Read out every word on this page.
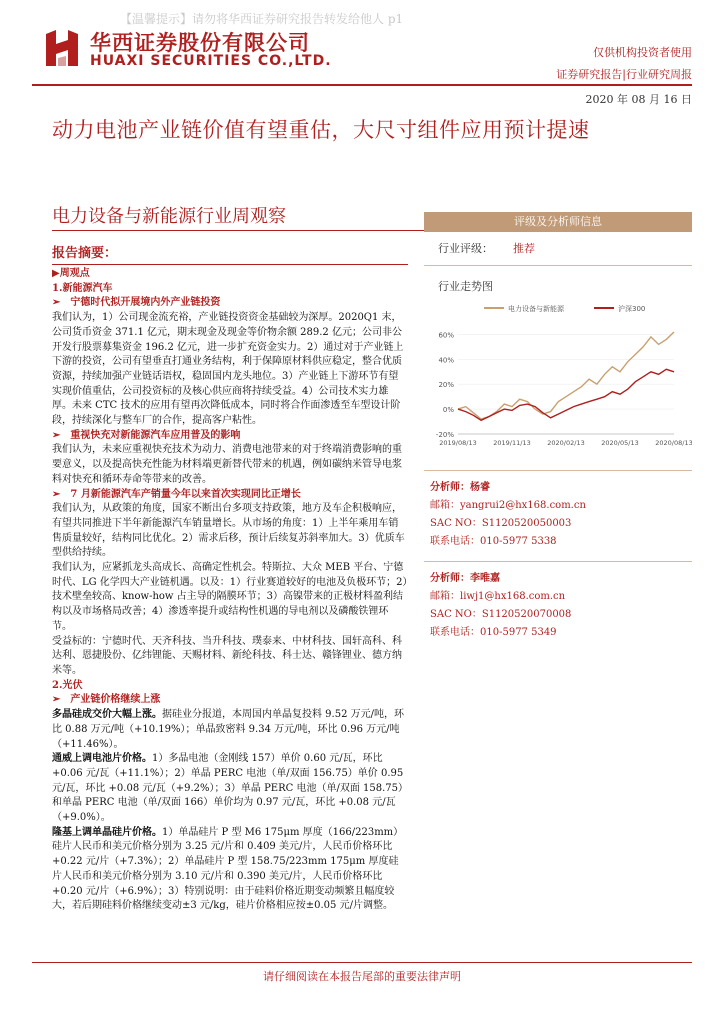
【温馨提示】请勿将华西证券研究报告转发给他人 p1
华西证券股份有限公司
HUAXI SECURITIES CO.,LTD.
仅供机构投资者使用
证券研究报告|行业研究周报
2020 年 08 月 16 日
动力电池产业链价值有望重估，大尺寸组件应用预计提速
电力设备与新能源行业周观察
报告摘要：

▶周观点

1.新能源汽车

➢　宁德时代拟开展境内外产业链投资

我们认为，1）公司现金流充裕，产业链投资资金基础较为深厚。2020Q1 末，公司货币资金 371.1 亿元，期末现金及现金等价物余额 289.2 亿元；公司非公开发行股票募集资金 196.2 亿元，进一步扩充资金实力。2）通过对于产业链上下游的投资，公司有望垂直打通业务结构，利于保障原材料供应稳定，整合优质资源，持续加强产业链话语权，稳固国内龙头地位。3）产业链上下游环节有望实现价值重估，公司投资标的及核心供应商将持续受益。4）公司技术实力雄厚。未来 CTC 技术的应用有望再次降低成本，同时将合作面渗透至车型设计阶段，持续深化与整车厂的合作，提高客户粘性。

➢　重视快充对新能源汽车应用普及的影响

我们认为，未来应重视快充技术为动力、消费电池带来的对于终端消费影响的重要意义，以及提高快充性能为材料端更新替代带来的机遇，例如碳纳米管导电浆料对快充和循环寿命等带来的改善。

➢　7 月新能源汽车产销量今年以来首次实现同比正增长

我们认为，从政策的角度，国家不断出台多项支持政策，地方及车企积极响应，有望共同推进下半年新能源汽车销量增长。从市场的角度：1）上半年乘用车销售质量较好，结构同比优化。2）需求后移，预计后续复苏斜率加大。3）优质车型供给持续。

我们认为，应紧抓龙头高成长、高确定性机会。特斯拉、大众 MEB 平台、宁德时代、LG 化学四大产业链机遇。以及：1）行业赛道较好的电池及负极环节；2）技术壁垒较高、know-how 占主导的隔膜环节；3）高镍带来的正极材料盈利结构以及市场格局改善；4）渗透率提升或结构性机遇的导电剂以及磷酸铁锂环节。

受益标的：宁德时代、天齐科技、当升科技、璞泰来、中材科技、国轩高科、科达利、恩捷股份、亿纬锂能、天赐材料、新纶科技、科士达、赣锋锂业、德方纳米等。

2.光伏

➢　产业链价格继续上涨

多晶硅成交价大幅上涨。据硅业分报道，本周国内单晶复投料 9.52 万元/吨，环比 0.88 万元/吨（+10.19%）；单晶致密料 9.34 万元/吨，环比 0.96 万元/吨（+11.46%）。

通威上调电池片价格。1）多晶电池（金刚线 157）单价 0.60 元/瓦，环比 +0.06 元/瓦（+11.1%）；2）单晶 PERC 电池（单/双面 156.75）单价 0.95 元/瓦，环比 +0.08 元/瓦（+9.2%）；3）单晶 PERC 电池（单/双面 158.75）和单晶 PERC 电池（单/双面 166）单价均为 0.97 元/瓦，环比 +0.08 元/瓦（+9.0%）。

隆基上调单晶硅片价格。1）单晶硅片 P 型 M6 175μm 厚度（166/223mm）硅片人民币和美元价格分别为 3.25 元/片和 0.409 美元/片，人民币价格环比+0.22 元/片（+7.3%）；2）单晶硅片 P 型 158.75/223mm 175μm 厚度硅片人民币和美元价格分别为 3.10 元/片和 0.390 美元/片，人民币价格环比+0.20 元/片（+6.9%）；3）特别说明：由于硅料价格近期变动频繁且幅度较大，若后期硅料价格继续变动±3 元/kg，硅片价格相应按±0.05 元/片调整。

评级及分析师信息
行业评级： 推荐
行业走势图
电力设备与新能源	沪深300
-20%
0%
20%
40%
60%
2019/08/13	2019/11/13	2020/02/13	2020/05/13	2020/08/13
分析师：杨睿
邮箱：yangrui2@hx168.com.cn
SAC NO：S1120520050003
联系电话：010-5977 5338
分析师：李唯嘉
邮箱：liwj1@hx168.com.cn
SAC NO：S1120520070008
联系电话：010-5977 5349
请仔细阅读在本报告尾部的重要法律声明
